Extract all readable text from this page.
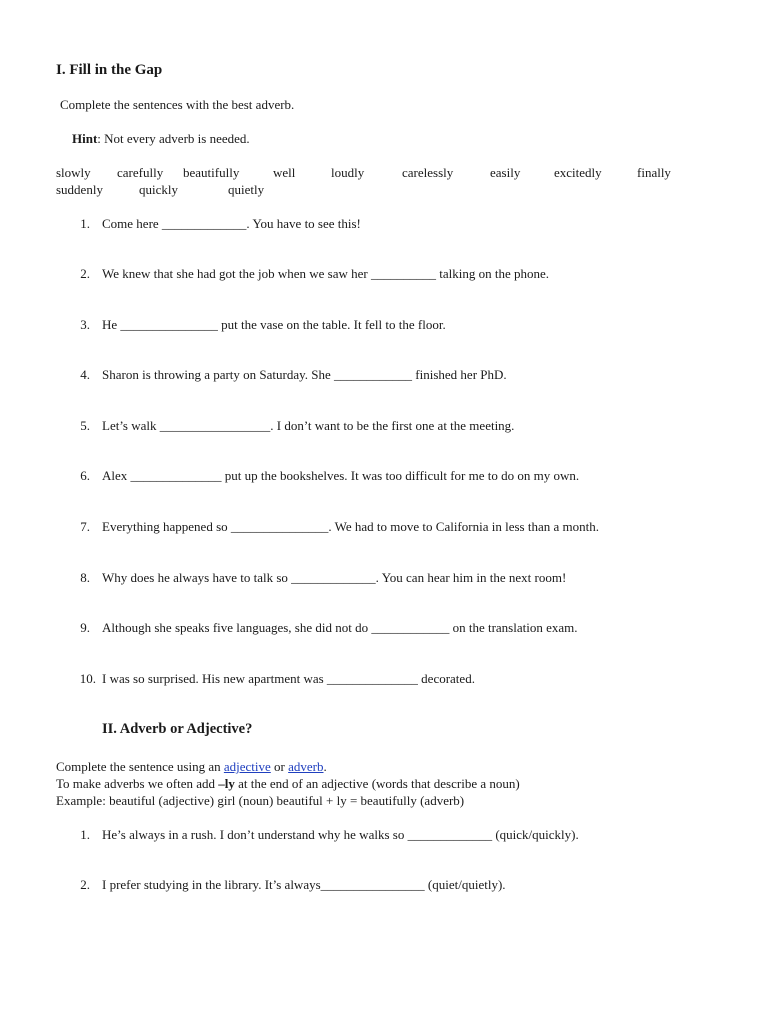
I. Fill in the Gap
Complete the sentences with the best adverb.
Hint: Not every adverb is needed.
slowly carefully beautifully	well	loudly	carelessly	easily	excitedly	finally
suddenly	quickly	quietly
1. Come here _____________. You have to see this!
2. We knew that she had got the job when we saw her __________ talking on the phone.
3. He _______________ put the vase on the table. It fell to the floor.
4. Sharon is throwing a party on Saturday. She ____________ finished her PhD.
5. Let’s walk _________________. I don’t want to be the first one at the meeting.
6. Alex ______________ put up the bookshelves. It was too difficult for me to do on my own.
7. Everything happened so _______________. We had to move to California in less than a month.
8. Why does he always have to talk so _____________. You can hear him in the next room!
9. Although she speaks five languages, she did not do ____________ on the translation exam.
10. I was so surprised. His new apartment was ______________ decorated.
II. Adverb or Adjective?
Complete the sentence using an adjective or adverb.
To make adverbs we often add –ly at the end of an adjective (words that describe a noun)
Example: beautiful (adjective) girl (noun) beautiful + ly = beautifully (adverb)
1. He’s always in a rush. I don’t understand why he walks so _____________ (quick/quickly).
2. I prefer studying in the library. It’s always________________ (quiet/quietly).
